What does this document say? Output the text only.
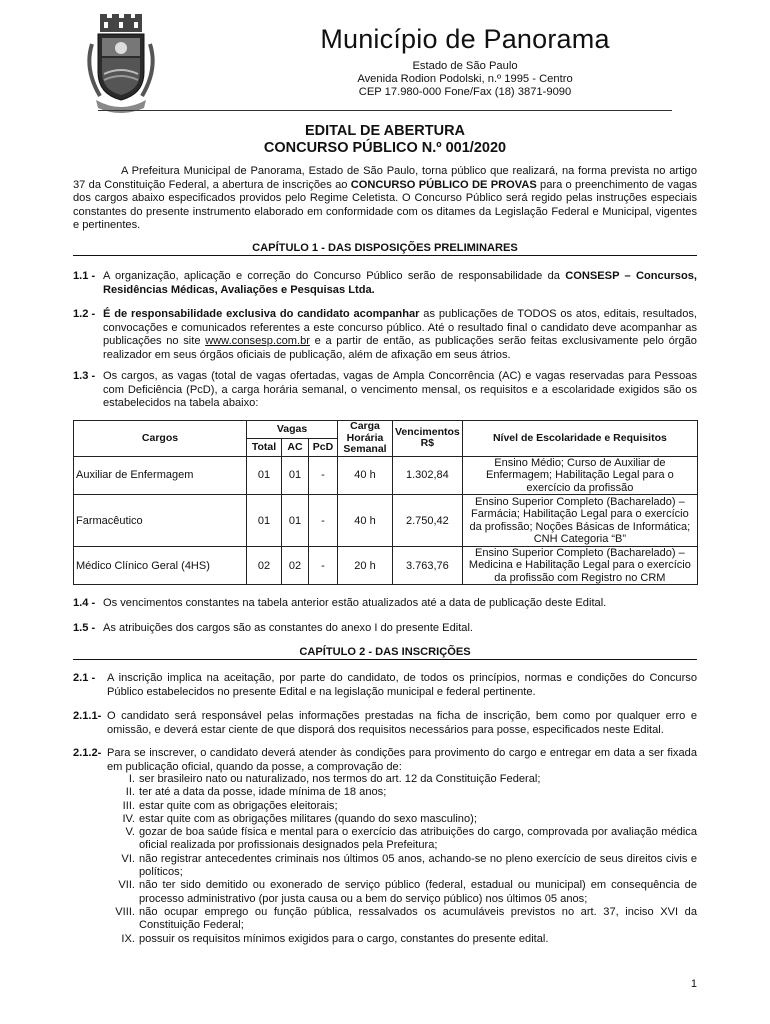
Município de Panorama
Estado de São Paulo
Avenida Rodion Podolski, n.º 1995 - Centro
CEP 17.980-000 Fone/Fax (18) 3871-9090
EDITAL DE ABERTURA
CONCURSO PÚBLICO N.º 001/2020

A Prefeitura Municipal de Panorama, Estado de São Paulo, torna público que realizará, na forma prevista no artigo 37 da Constituição Federal, a abertura de inscrições ao CONCURSO PÚBLICO DE PROVAS para o preenchimento de vagas dos cargos abaixo especificados providos pelo Regime Celetista. O Concurso Público será regido pelas instruções especiais constantes do presente instrumento elaborado em conformidade com os ditames da Legislação Federal e Municipal, vigentes e pertinentes.

CAPÍTULO 1 - DAS DISPOSIÇÕES PRELIMINARES
1.1 - A organização, aplicação e correção do Concurso Público serão de responsabilidade da CONSESP – Concursos, Residências Médicas, Avaliações e Pesquisas Ltda.
1.2 - É de responsabilidade exclusiva do candidato acompanhar as publicações de TODOS os atos, editais, resultados, convocações e comunicados referentes a este concurso público. Até o resultado final o candidato deve acompanhar as publicações no site www.consesp.com.br e a partir de então, as publicações serão feitas exclusivamente pelo órgão realizador em seus órgãos oficiais de publicação, além de afixação em seus átrios.
1.3 - Os cargos, as vagas (total de vagas ofertadas, vagas de Ampla Concorrência (AC) e vagas reservadas para Pessoas com Deficiência (PcD), a carga horária semanal, o vencimento mensal, os requisitos e a escolaridade exigidos são os estabelecidos na tabela abaixo:
Cargos	Vagas			Carga Horária Semanal	Vencimentos R$	Nível de Escolaridade e Requisitos
	Total	AC	PcD			
Auxiliar de Enfermagem	01	01	-	40 h	1.302,84	Ensino Médio; Curso de Auxiliar de Enfermagem; Habilitação Legal para o exercício da profissão
Farmacêutico	01	01	-	40 h	2.750,42	Ensino Superior Completo (Bacharelado) – Farmácia; Habilitação Legal para o exercício da profissão; Noções Básicas de Informática; CNH Categoria “B”
Médico Clínico Geral (4HS)	02	02	-	20 h	3.763,76	Ensino Superior Completo (Bacharelado) – Medicina e Habilitação Legal para o exercício da profissão com Registro no CRM
1.4 - Os vencimentos constantes na tabela anterior estão atualizados até a data de publicação deste Edital.
1.5 - As atribuições dos cargos são as constantes do anexo I do presente Edital.
CAPÍTULO 2 - DAS INSCRIÇÕES
2.1 - A inscrição implica na aceitação, por parte do candidato, de todos os princípios, normas e condições do Concurso Público estabelecidos no presente Edital e na legislação municipal e federal pertinente.
2.1.1- O candidato será responsável pelas informações prestadas na ficha de inscrição, bem como por qualquer erro e omissão, e deverá estar ciente de que disporá dos requisitos necessários para posse, especificados neste Edital.
2.1.2- Para se inscrever, o candidato deverá atender às condições para provimento do cargo e entregar em data a ser fixada em publicação oficial, quando da posse, a comprovação de:
I. ser brasileiro nato ou naturalizado, nos termos do art. 12 da Constituição Federal;
II. ter até a data da posse, idade mínima de 18 anos;
III. estar quite com as obrigações eleitorais;
IV. estar quite com as obrigações militares (quando do sexo masculino);
V. gozar de boa saúde física e mental para o exercício das atribuições do cargo, comprovada por avaliação médica oficial realizada por profissionais designados pela Prefeitura;
VI. não registrar antecedentes criminais nos últimos 05 anos, achando-se no pleno exercício de seus direitos civis e políticos;
VII. não ter sido demitido ou exonerado de serviço público (federal, estadual ou municipal) em consequência de processo administrativo (por justa causa ou a bem do serviço público) nos últimos 05 anos;
VIII. não ocupar emprego ou função pública, ressalvados os acumuláveis previstos no art. 37, inciso XVI da Constituição Federal;
IX. possuir os requisitos mínimos exigidos para o cargo, constantes do presente edital.
1
